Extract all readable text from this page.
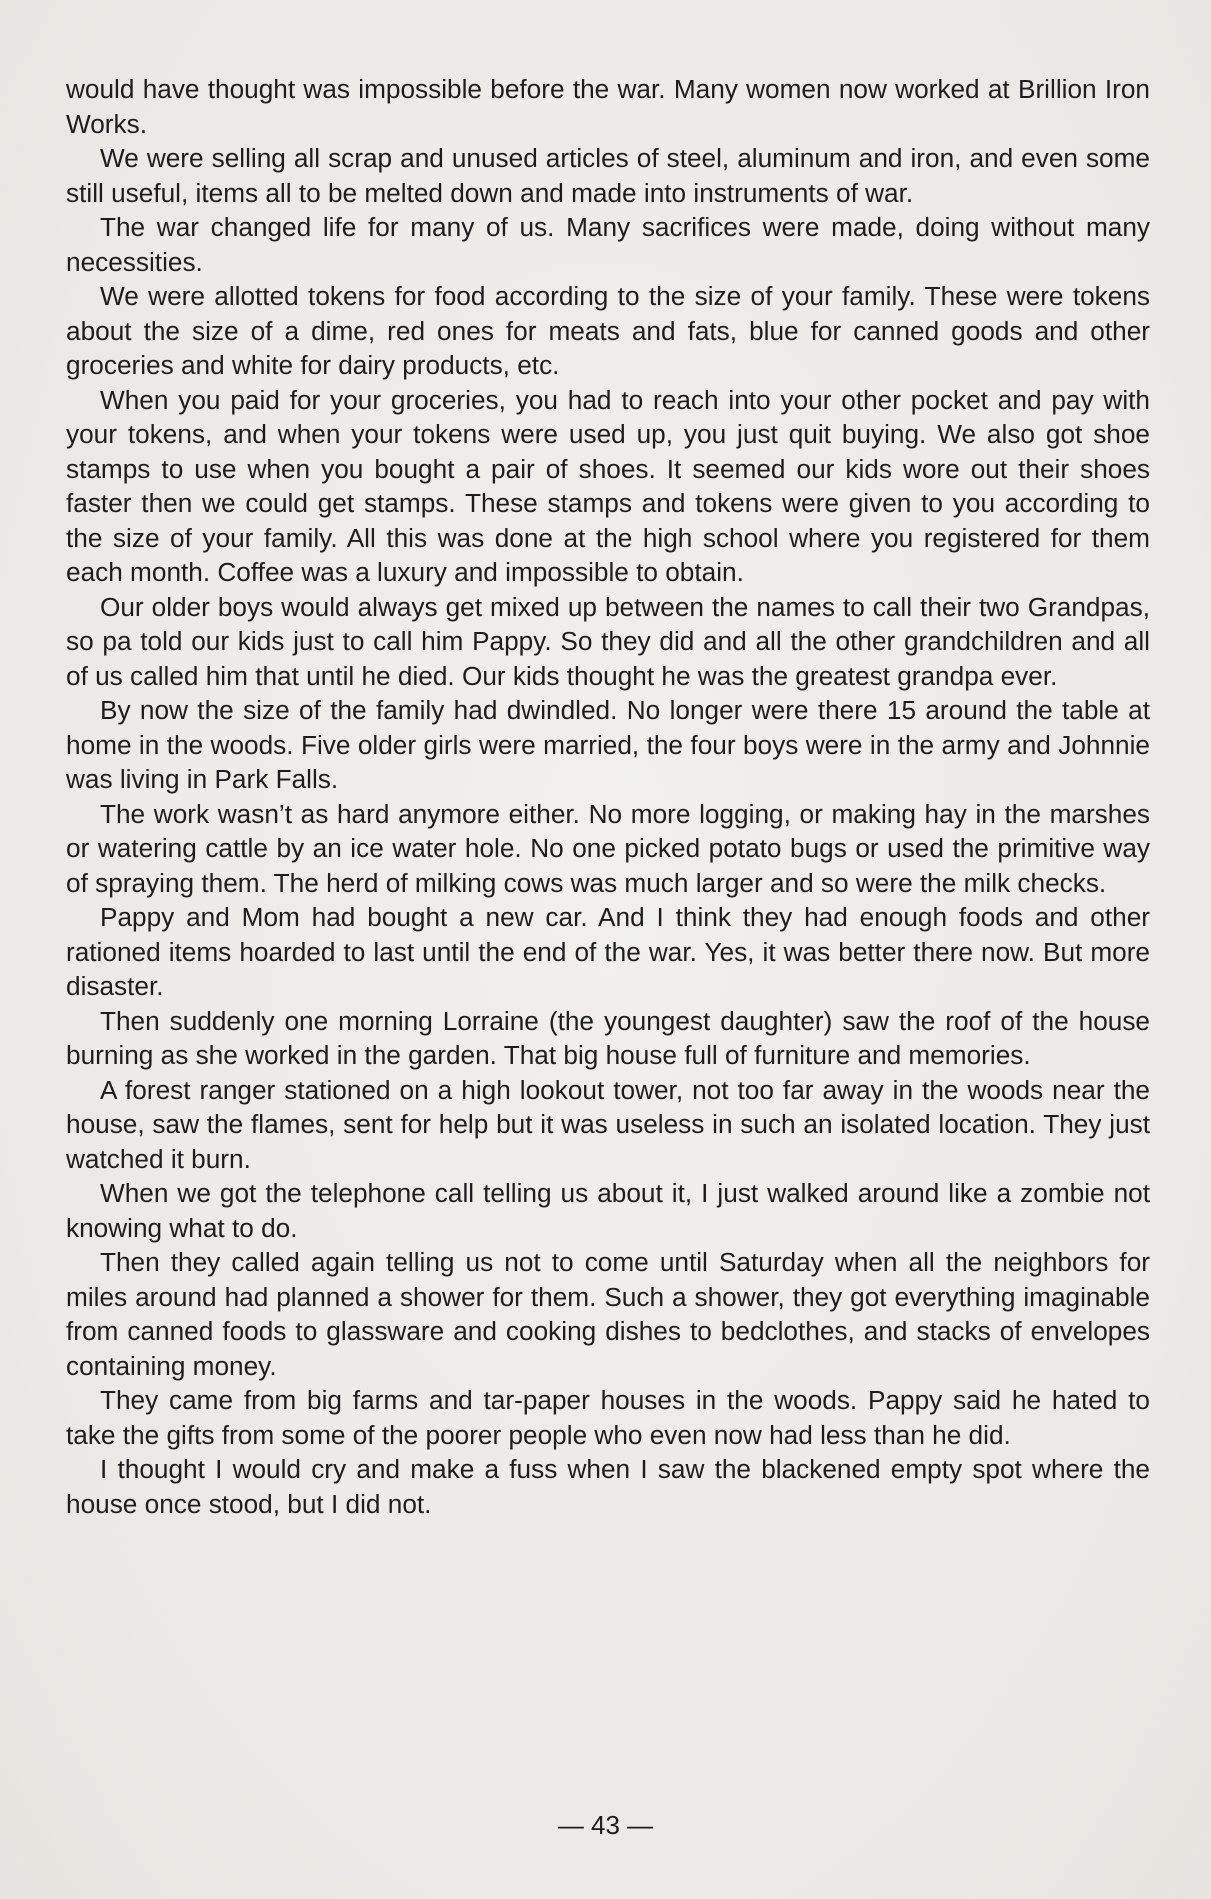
would have thought was impossible before the war. Many women now worked at Brillion Iron Works.

We were selling all scrap and unused articles of steel, aluminum and iron, and even some still useful, items all to be melted down and made into instruments of war.

The war changed life for many of us. Many sacrifices were made, doing without many necessities.

We were allotted tokens for food according to the size of your family. These were tokens about the size of a dime, red ones for meats and fats, blue for canned goods and other groceries and white for dairy products, etc.

When you paid for your groceries, you had to reach into your other pocket and pay with your tokens, and when your tokens were used up, you just quit buying. We also got shoe stamps to use when you bought a pair of shoes. It seemed our kids wore out their shoes faster then we could get stamps. These stamps and tokens were given to you according to the size of your family. All this was done at the high school where you registered for them each month. Coffee was a luxury and impossible to obtain.

Our older boys would always get mixed up between the names to call their two Grandpas, so pa told our kids just to call him Pappy. So they did and all the other grandchildren and all of us called him that until he died. Our kids thought he was the greatest grandpa ever.

By now the size of the family had dwindled. No longer were there 15 around the table at home in the woods. Five older girls were married, the four boys were in the army and Johnnie was living in Park Falls.

The work wasn’t as hard anymore either. No more logging, or making hay in the marshes or watering cattle by an ice water hole. No one picked potato bugs or used the primitive way of spraying them. The herd of milking cows was much larger and so were the milk checks.

Pappy and Mom had bought a new car. And I think they had enough foods and other rationed items hoarded to last until the end of the war. Yes, it was better there now. But more disaster.

Then suddenly one morning Lorraine (the youngest daughter) saw the roof of the house burning as she worked in the garden. That big house full of furniture and memories.

A forest ranger stationed on a high lookout tower, not too far away in the woods near the house, saw the flames, sent for help but it was useless in such an isolated location. They just watched it burn.

When we got the telephone call telling us about it, I just walked around like a zombie not knowing what to do.

Then they called again telling us not to come until Saturday when all the neighbors for miles around had planned a shower for them. Such a shower, they got everything imaginable from canned foods to glassware and cooking dishes to bedclothes, and stacks of envelopes containing money.

They came from big farms and tar-paper houses in the woods. Pappy said he hated to take the gifts from some of the poorer people who even now had less than he did.

I thought I would cry and make a fuss when I saw the blackened empty spot where the house once stood, but I did not.

— 43 —
